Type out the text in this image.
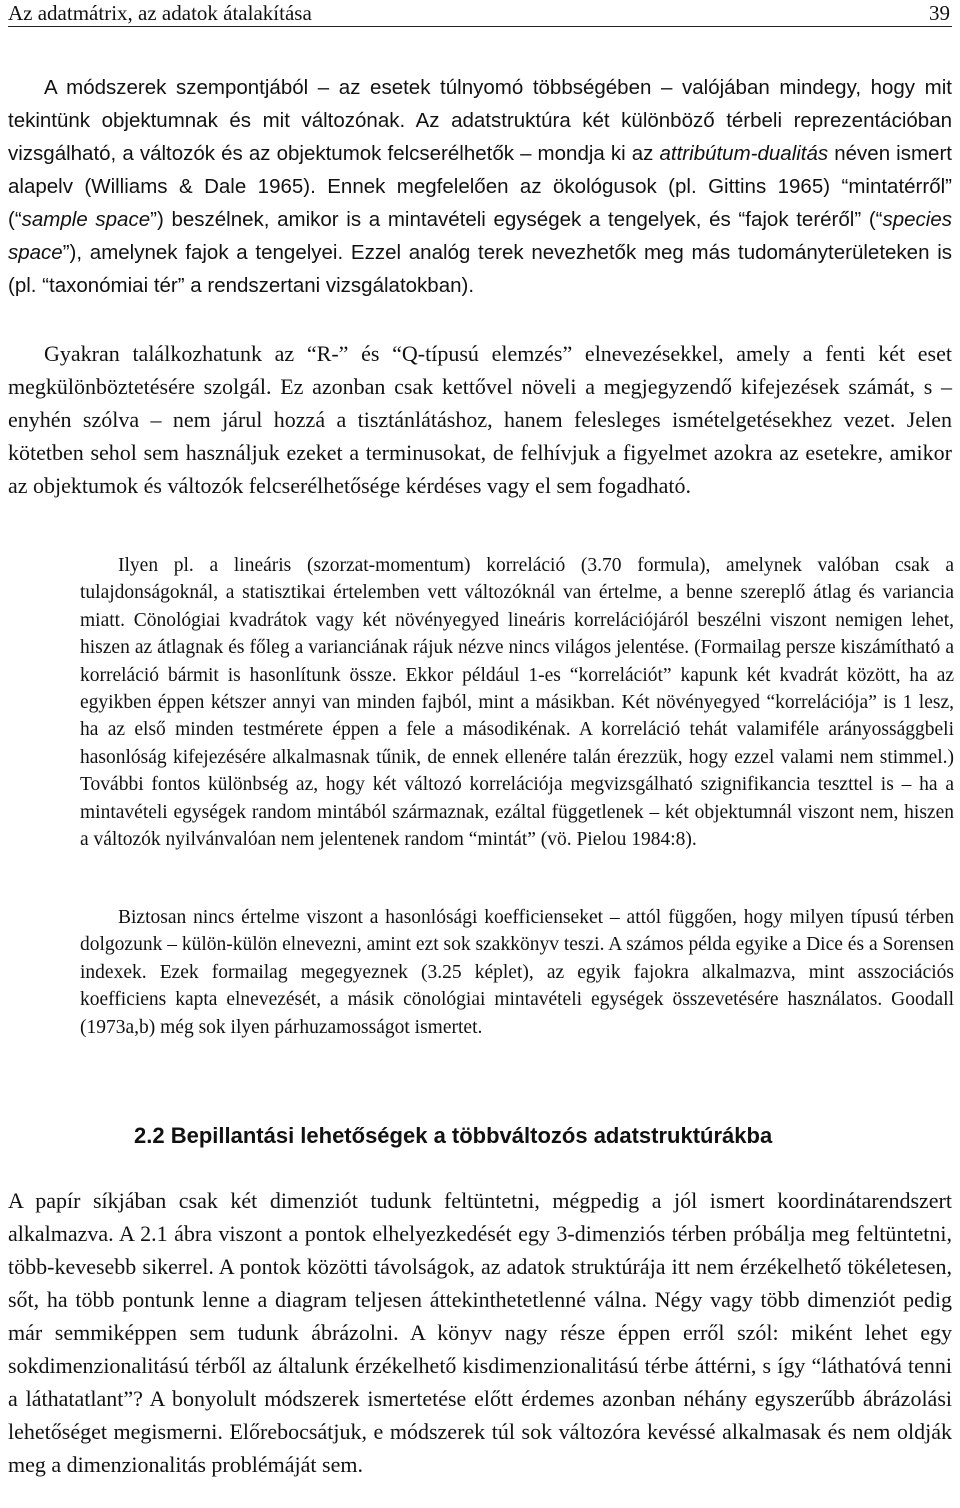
Az adatmátrix, az adatok átalakítása	39

A módszerek szempontjából – az esetek túlnyomó többségében – valójában mindegy, hogy mit tekintünk objektumnak és mit változónak. Az adatstruktúra két különböző térbeli reprezentációban vizsgálható, a változók és az objektumok felcserélhetők – mondja ki az attribútum-dualitás néven ismert alapelv (Williams & Dale 1965). Ennek megfelelően az ökológusok (pl. Gittins 1965) “mintatérről” (“sample space”) beszélnek, amikor is a mintavételi egységek a tengelyek, és “fajok teréről” (“species space”), amelynek fajok a tengelyei. Ezzel analóg terek nevezhetők meg más tudományterületeken is (pl. “taxonómiai tér” a rendszertani vizsgálatokban).

Gyakran találkozhatunk az “R-” és “Q-típusú elemzés” elnevezésekkel, amely a fenti két eset megkülönböztetésére szolgál. Ez azonban csak kettővel növeli a megjegyzendő kifejezések számát, s – enyhén szólva – nem járul hozzá a tisztánlátáshoz, hanem felesleges ismételgetésekhez vezet. Jelen kötetben sehol sem használjuk ezeket a terminusokat, de felhívjuk a figyelmet azokra az esetekre, amikor az objektumok és változók felcserélhetősége kérdéses vagy el sem fogadható.

Ilyen pl. a lineáris (szorzat-momentum) korreláció (3.70 formula), amelynek valóban csak a tulajdonságoknál, a statisztikai értelemben vett változóknál van értelme, a benne szereplő átlag és variancia miatt. Cönológiai kvadrátok vagy két növényegyed lineáris korrelációjáról beszélni viszont nemigen lehet, hiszen az átlagnak és főleg a varianciának rájuk nézve nincs világos jelentése. (Formailag persze kiszámítható a korreláció bármit is hasonlítunk össze. Ekkor például 1-es “korrelációt” kapunk két kvadrát között, ha az egyikben éppen kétszer annyi van minden fajból, mint a másikban. Két növényegyed “korrelációja” is 1 lesz, ha az első minden testmérete éppen a fele a másodikénak. A korreláció tehát valamiféle arányossággbeli hasonlóság kifejezésére alkalmasnak tűnik, de ennek ellenére talán érezzük, hogy ezzel valami nem stimmel.) További fontos különbség az, hogy két változó korrelációja megvizsgálható szignifikancia teszttel is – ha a mintavételi egységek random mintából származnak, ezáltal függetlenek – két objektumnál viszont nem, hiszen a változók nyilvánvalóan nem jelentenek random “mintát” (vö. Pielou 1984:8).

Biztosan nincs értelme viszont a hasonlósági koefficienseket – attól függően, hogy milyen típusú térben dolgozunk – külön-külön elnevezni, amint ezt sok szakkönyv teszi. A számos példa egyike a Dice és a Sorensen indexek. Ezek formailag megegyeznek (3.25 képlet), az egyik fajokra alkalmazva, mint asszociációs koefficiens kapta elnevezését, a másik cönológiai mintavételi egységek összevetésére használatos. Goodall (1973a,b) még sok ilyen párhuzamosságot ismertet.

2.2 Bepillantási lehetőségek a többváltozós adatstruktúrákba

A papír síkjában csak két dimenziót tudunk feltüntetni, mégpedig a jól ismert koordinátarendszert alkalmazva. A 2.1 ábra viszont a pontok elhelyezkedését egy 3-dimenziós térben próbálja meg feltüntetni, több-kevesebb sikerrel. A pontok közötti távolságok, az adatok struktúrája itt nem érzékelhető tökéletesen, sőt, ha több pontunk lenne a diagram teljesen áttekinthetetlenné válna. Négy vagy több dimenziót pedig már semmiképpen sem tudunk ábrázolni. A könyv nagy része éppen erről szól: miként lehet egy sokdimenzionalitású térből az általunk érzékelhető kisdimenzionalitású térbe áttérni, s így “láthatóvá tenni a láthatatlant”? A bonyolult módszerek ismertetése előtt érdemes azonban néhány egyszerűbb ábrázolási lehetőséget megismerni. Előrebocsátjuk, e módszerek túl sok változóra kevéssé alkalmasak és nem oldják meg a dimenzionalitás problémáját sem.
